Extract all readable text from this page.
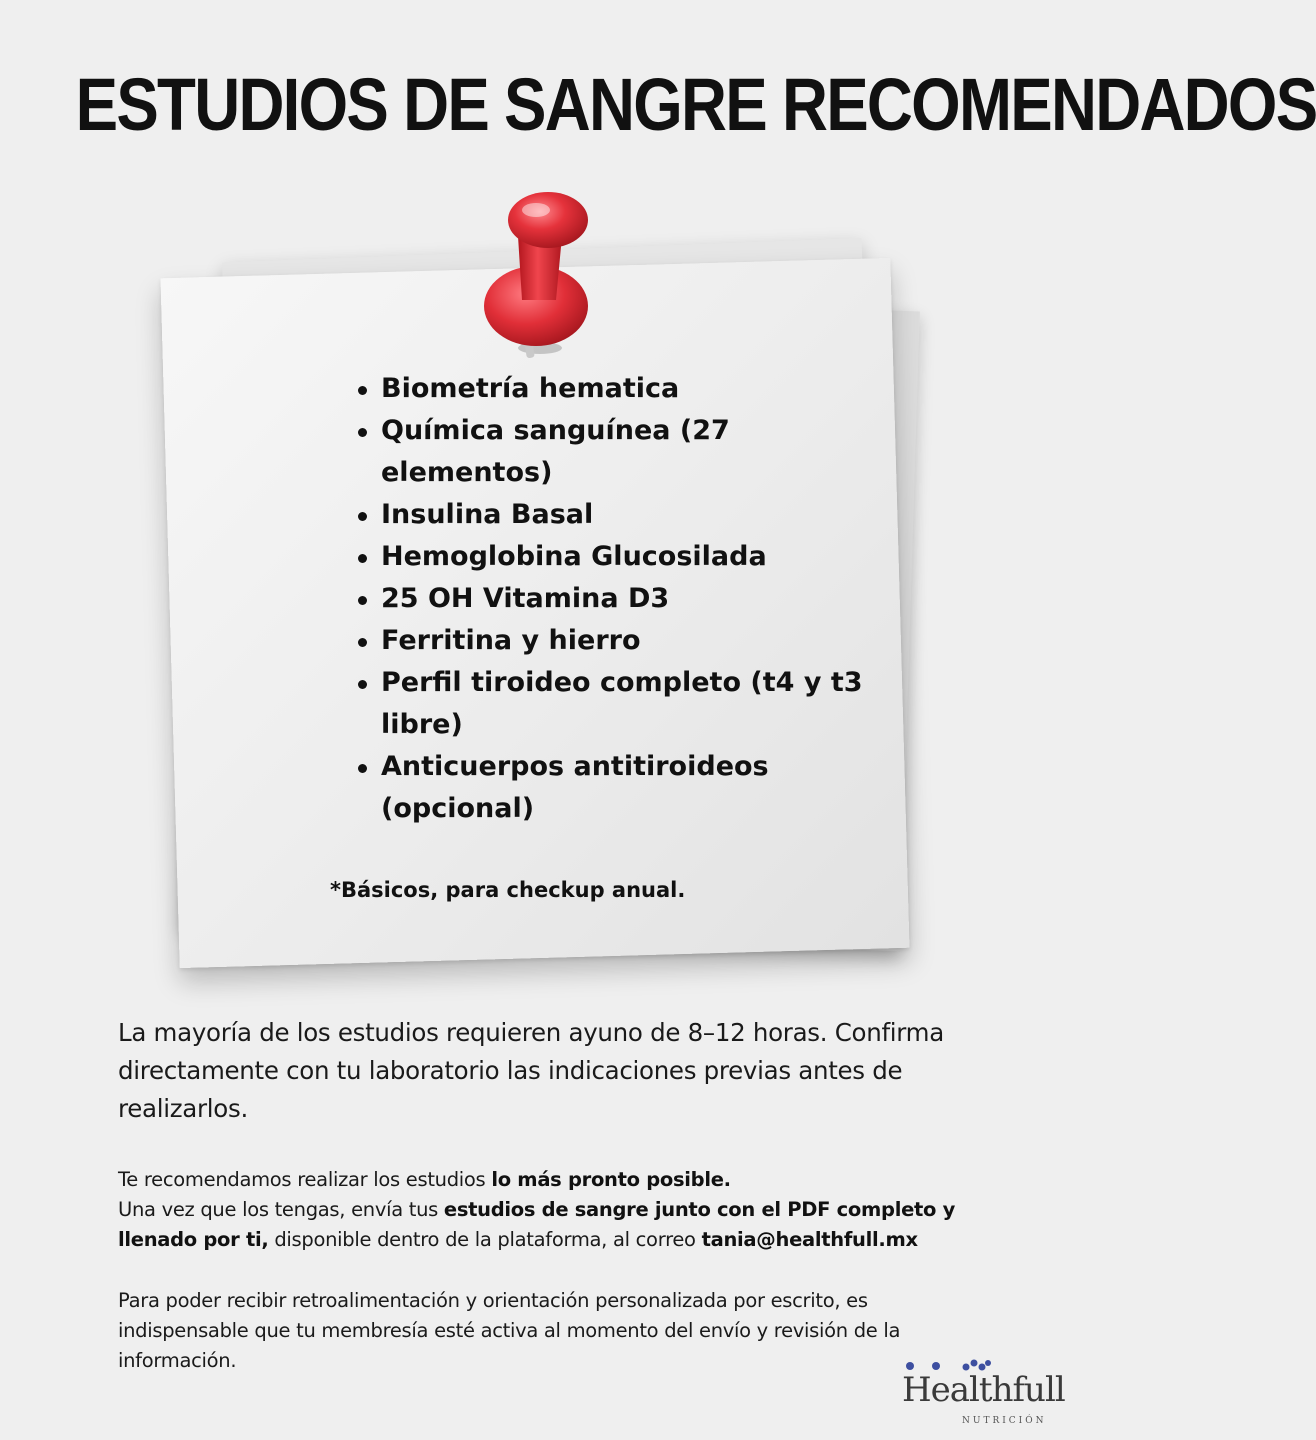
ESTUDIOS DE SANGRE RECOMENDADOS
Biometría hematica
Química sanguínea (27 elementos)
Insulina Basal
Hemoglobina Glucosilada
25 OH Vitamina D3
Ferritina y hierro
Perfil tiroideo completo (t4 y t3 libre)
Anticuerpos antitiroideos (opcional)
*Básicos, para checkup anual.

La mayoría de los estudios requieren ayuno de 8–12 horas. Confirma directamente con tu laboratorio las indicaciones previas antes de realizarlos.

Te recomendamos realizar los estudios lo más pronto posible.
Una vez que los tengas, envía tus estudios de sangre junto con el PDF completo y llenado por ti, disponible dentro de la plataforma, al correo tania@healthfull.mx

Para poder recibir retroalimentación y orientación personalizada por escrito, es indispensable que tu membresía esté activa al momento del envío y revisión de la información.

Healthfull
NUTRICIÓN
